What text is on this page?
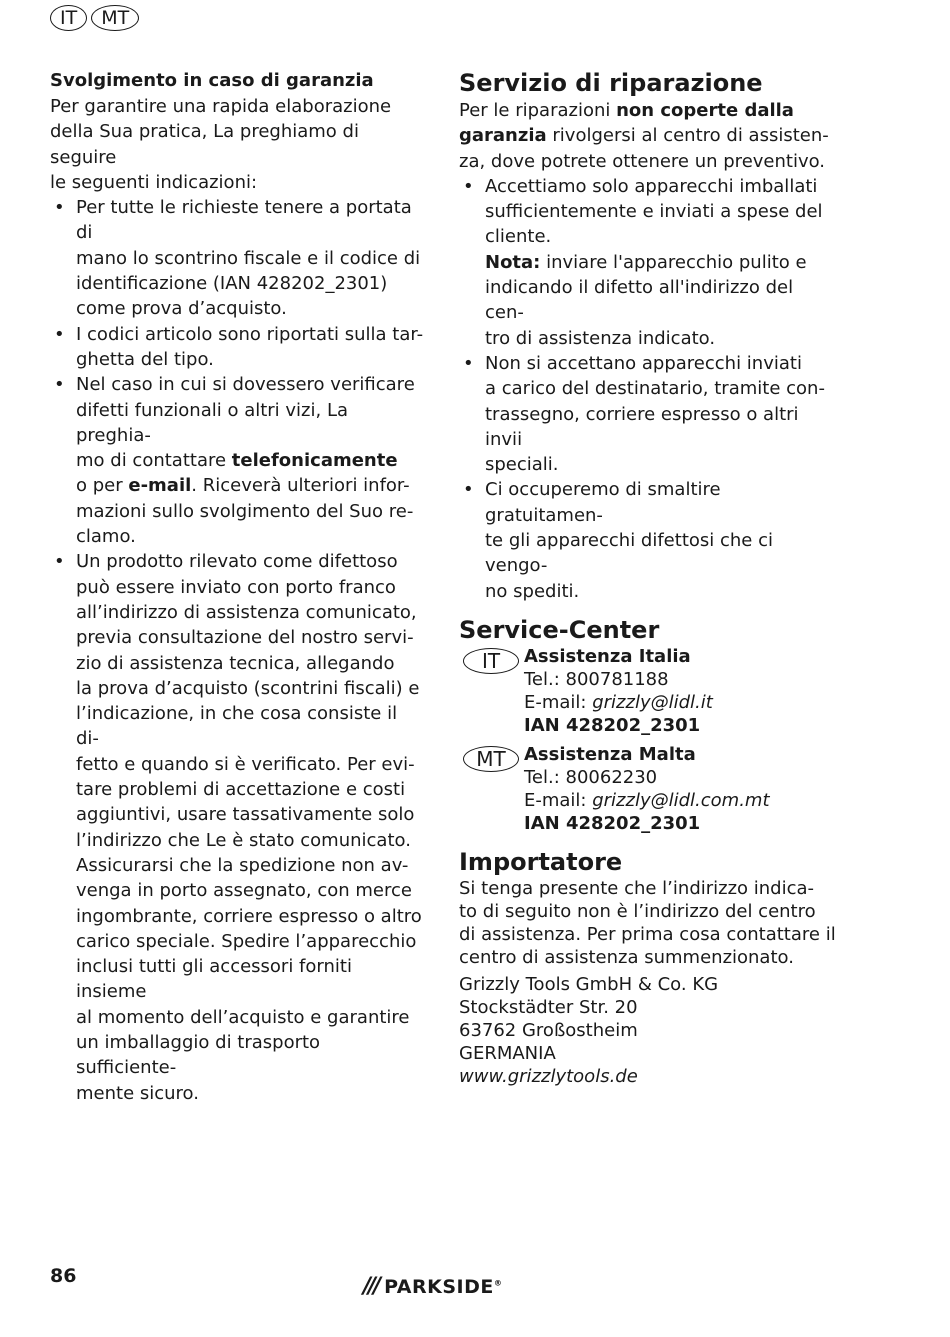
IT	MT

Svolgimento in caso di garanzia

Per garantire una rapida elaborazione

della Sua pratica, La preghiamo di seguire

le seguenti indicazioni:

• Per tutte le richieste tenere a portata di
mano lo scontrino fiscale e il codice di
identificazione (IAN 428202_2301)
come prova d’acquisto.
• I codici articolo sono riportati sulla tar-
ghetta del tipo.
• Nel caso in cui si dovessero verificare
difetti funzionali o altri vizi, La preghia-
mo di contattare telefonicamente
o per e-mail. Riceverà ulteriori infor-
mazioni sullo svolgimento del Suo re-
clamo.
• Un prodotto rilevato come difettoso
può essere inviato con porto franco
all’indirizzo di assistenza comunicato,
previa consultazione del nostro servi-
zio di assistenza tecnica, allegando
la prova d’acquisto (scontrini fiscali) e
l’indicazione, in che cosa consiste il di-
fetto e quando si è verificato. Per evi-
tare problemi di accettazione e costi
aggiuntivi, usare tassativamente solo
l’indirizzo che Le è stato comunicato.
Assicurarsi che la spedizione non av-
venga in porto assegnato, con merce
ingombrante, corriere espresso o altro
carico speciale. Spedire l’apparecchio
inclusi tutti gli accessori forniti insieme
al momento dell’acquisto e garantire
un imballaggio di trasporto sufficiente-
mente sicuro.
Servizio di riparazione

Per le riparazioni non coperte dalla

garanzia rivolgersi al centro di assisten-

za, dove potrete ottenere un preventivo.

• Accettiamo solo apparecchi imballati
sufficientemente e inviati a spese del
cliente.
Nota: inviare l'apparecchio pulito e
indicando il difetto all'indirizzo del cen-
tro di assistenza indicato.
• Non si accettano apparecchi inviati
a carico del destinatario, tramite con-
trassegno, corriere espresso o altri invii
speciali.
• Ci occuperemo di smaltire gratuitamen-
te gli apparecchi difettosi che ci vengo-
no spediti.
Service-Center
IT	Assistenza Italia

Tel.: 800781188

E-mail: grizzly@lidl.it

IAN 428202_2301

MT	Assistenza Malta

Tel.: 80062230

E-mail: grizzly@lidl.com.mt

IAN 428202_2301

Importatore

Si tenga presente che l’indirizzo indica-

to di seguito non è l’indirizzo del centro

di assistenza. Per prima cosa contattare il

centro di assistenza summenzionato.

Grizzly Tools GmbH & Co. KG

Stockstädter Str. 20

63762 Großostheim

GERMANIA

www.grizzlytools.de

86	/// PARKSIDE®
